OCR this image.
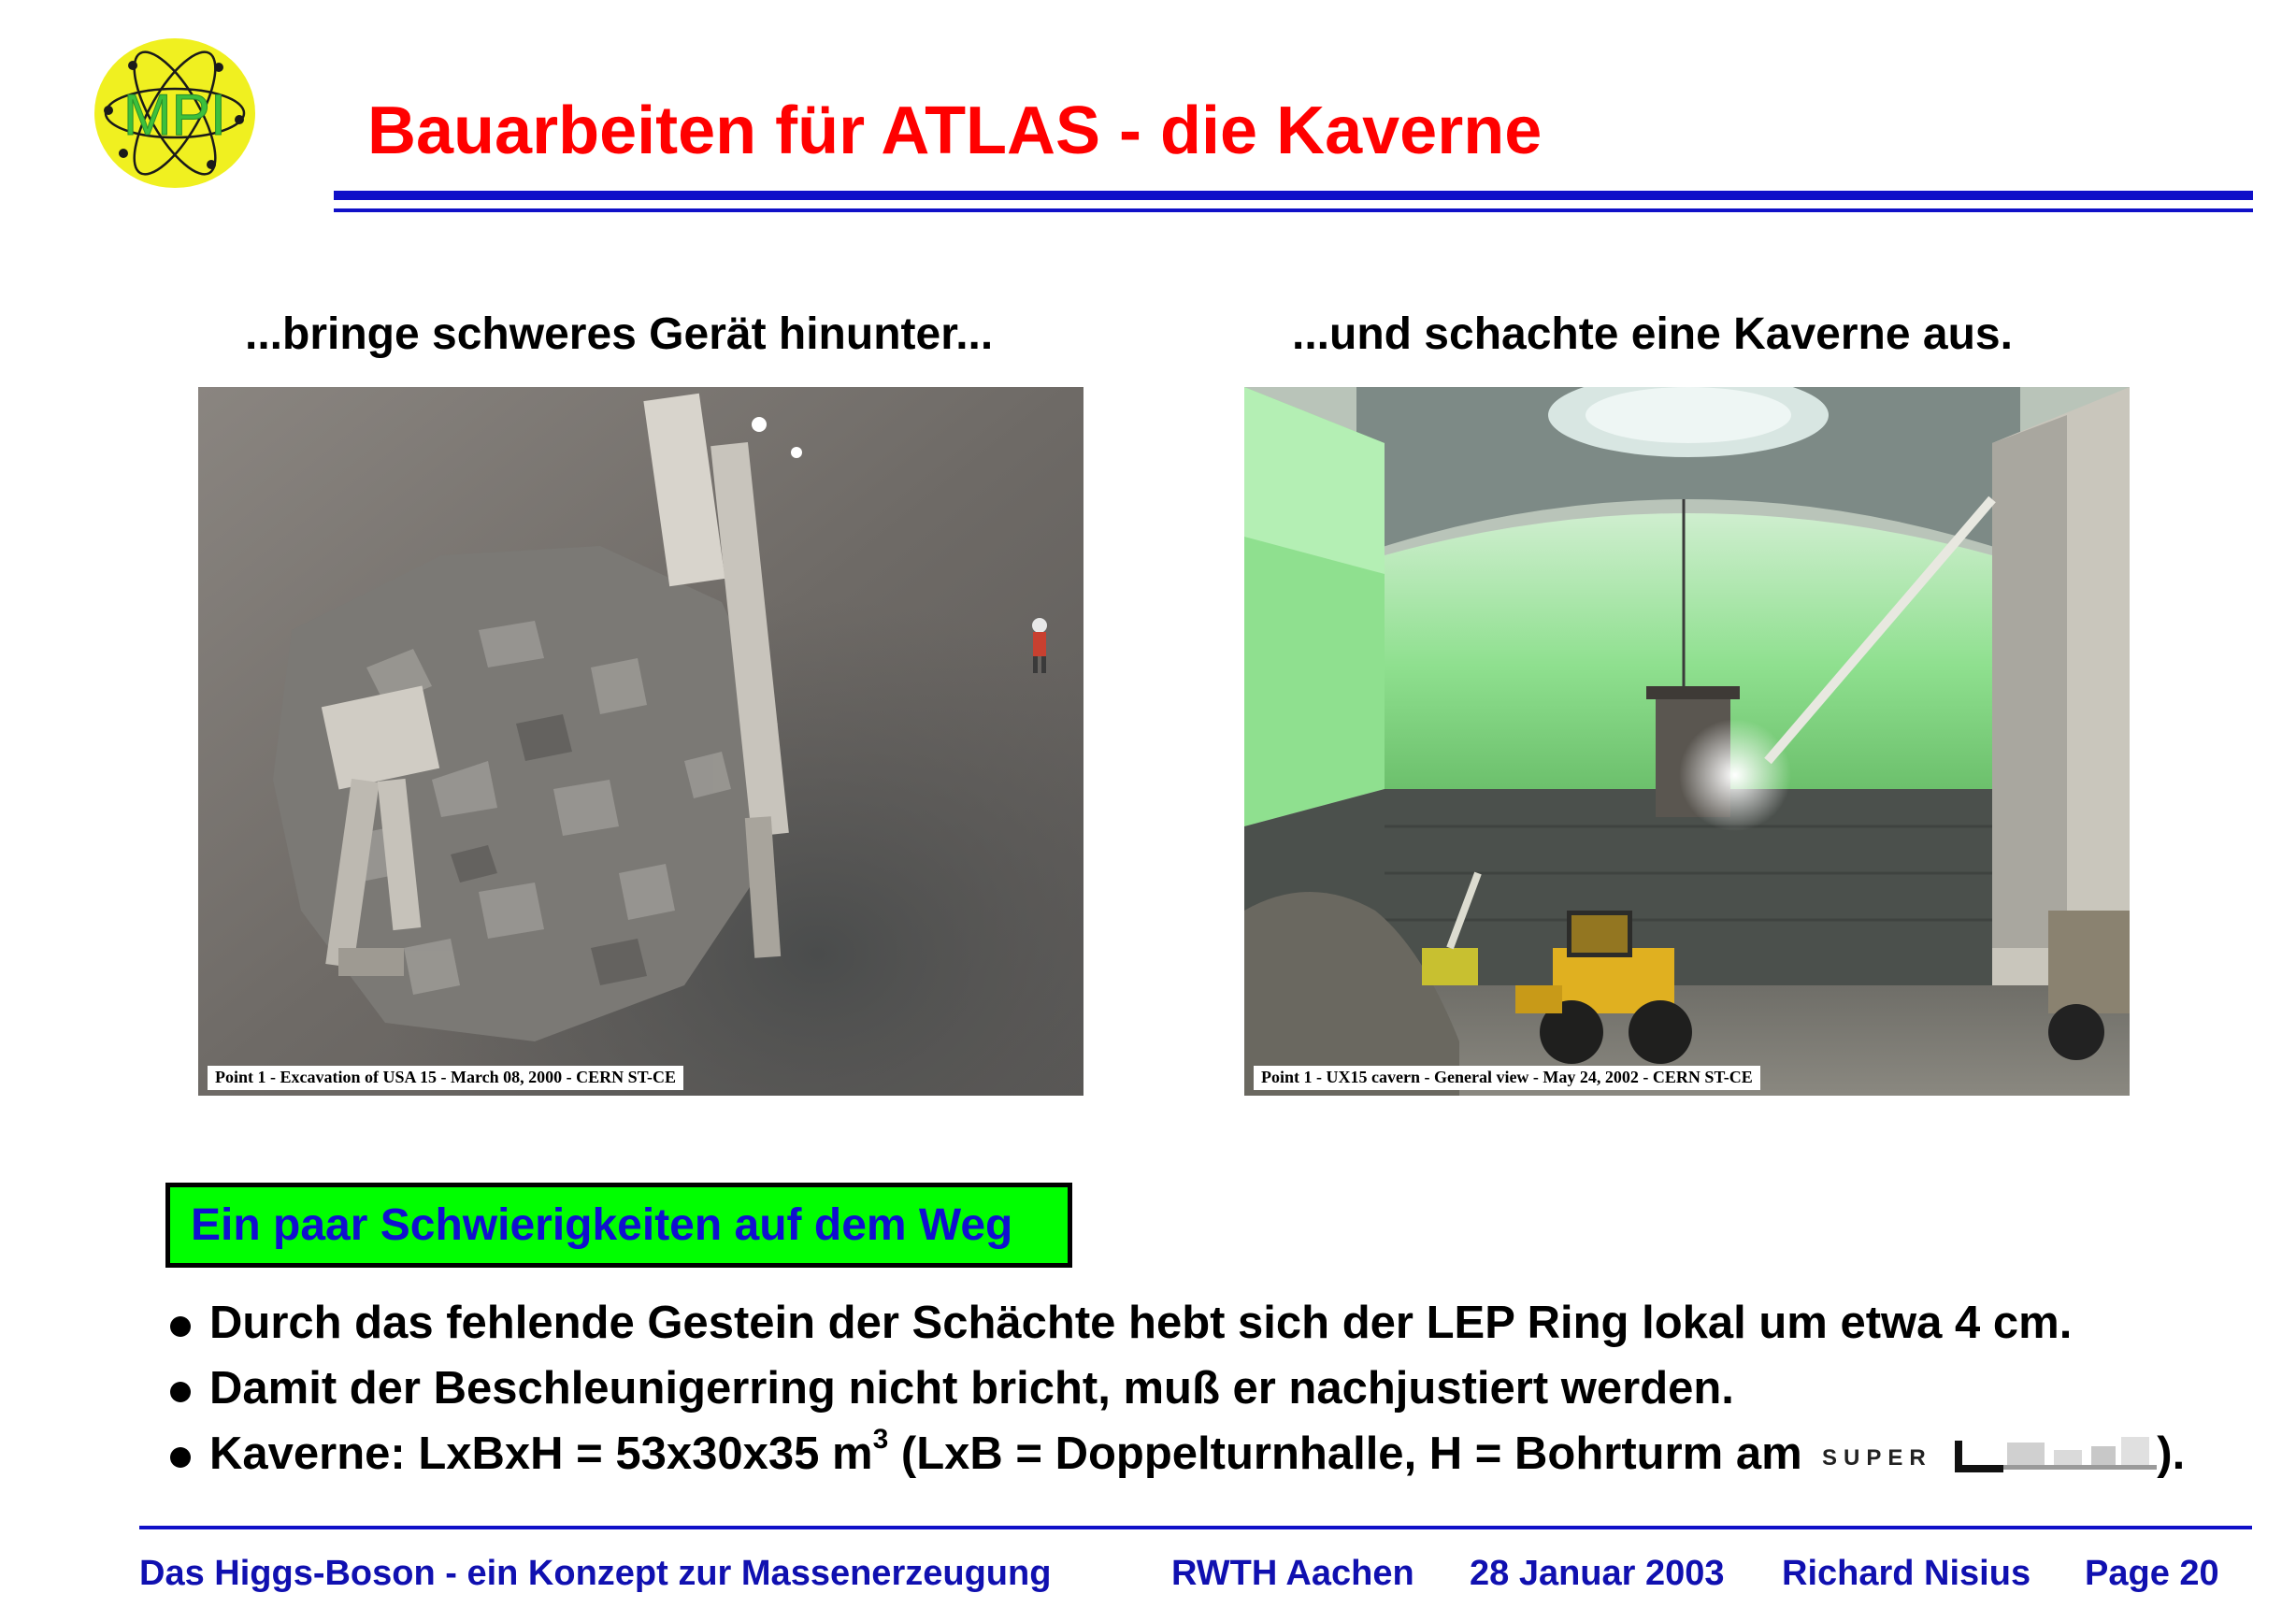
MPI Bauarbeiten für ATLAS - die Kaverne
...bringe schweres Gerät hinunter...	...und schachte eine Kaverne aus.
Point 1 - Excavation of USA 15 - March 08, 2000 - CERN ST-CE	Point 1 - UX15 cavern - General view - May 24, 2002 - CERN ST-CE
Ein paar Schwierigkeiten auf dem Weg
Durch das fehlende Gestein der Schächte hebt sich der LEP Ring lokal um etwa 4 cm.
Damit der Beschleunigerring nicht bricht, muß er nachjustiert werden.
Kaverne: LxBxH = 53x30x35 $m^3$ (LxB = Doppelturnhalle, H = Bohrturm am SUPER	).
Das Higgs-Boson - ein Konzept zur Massenerzeugung	RWTH Aachen 28 Januar 2003 Richard Nisius Page 20
